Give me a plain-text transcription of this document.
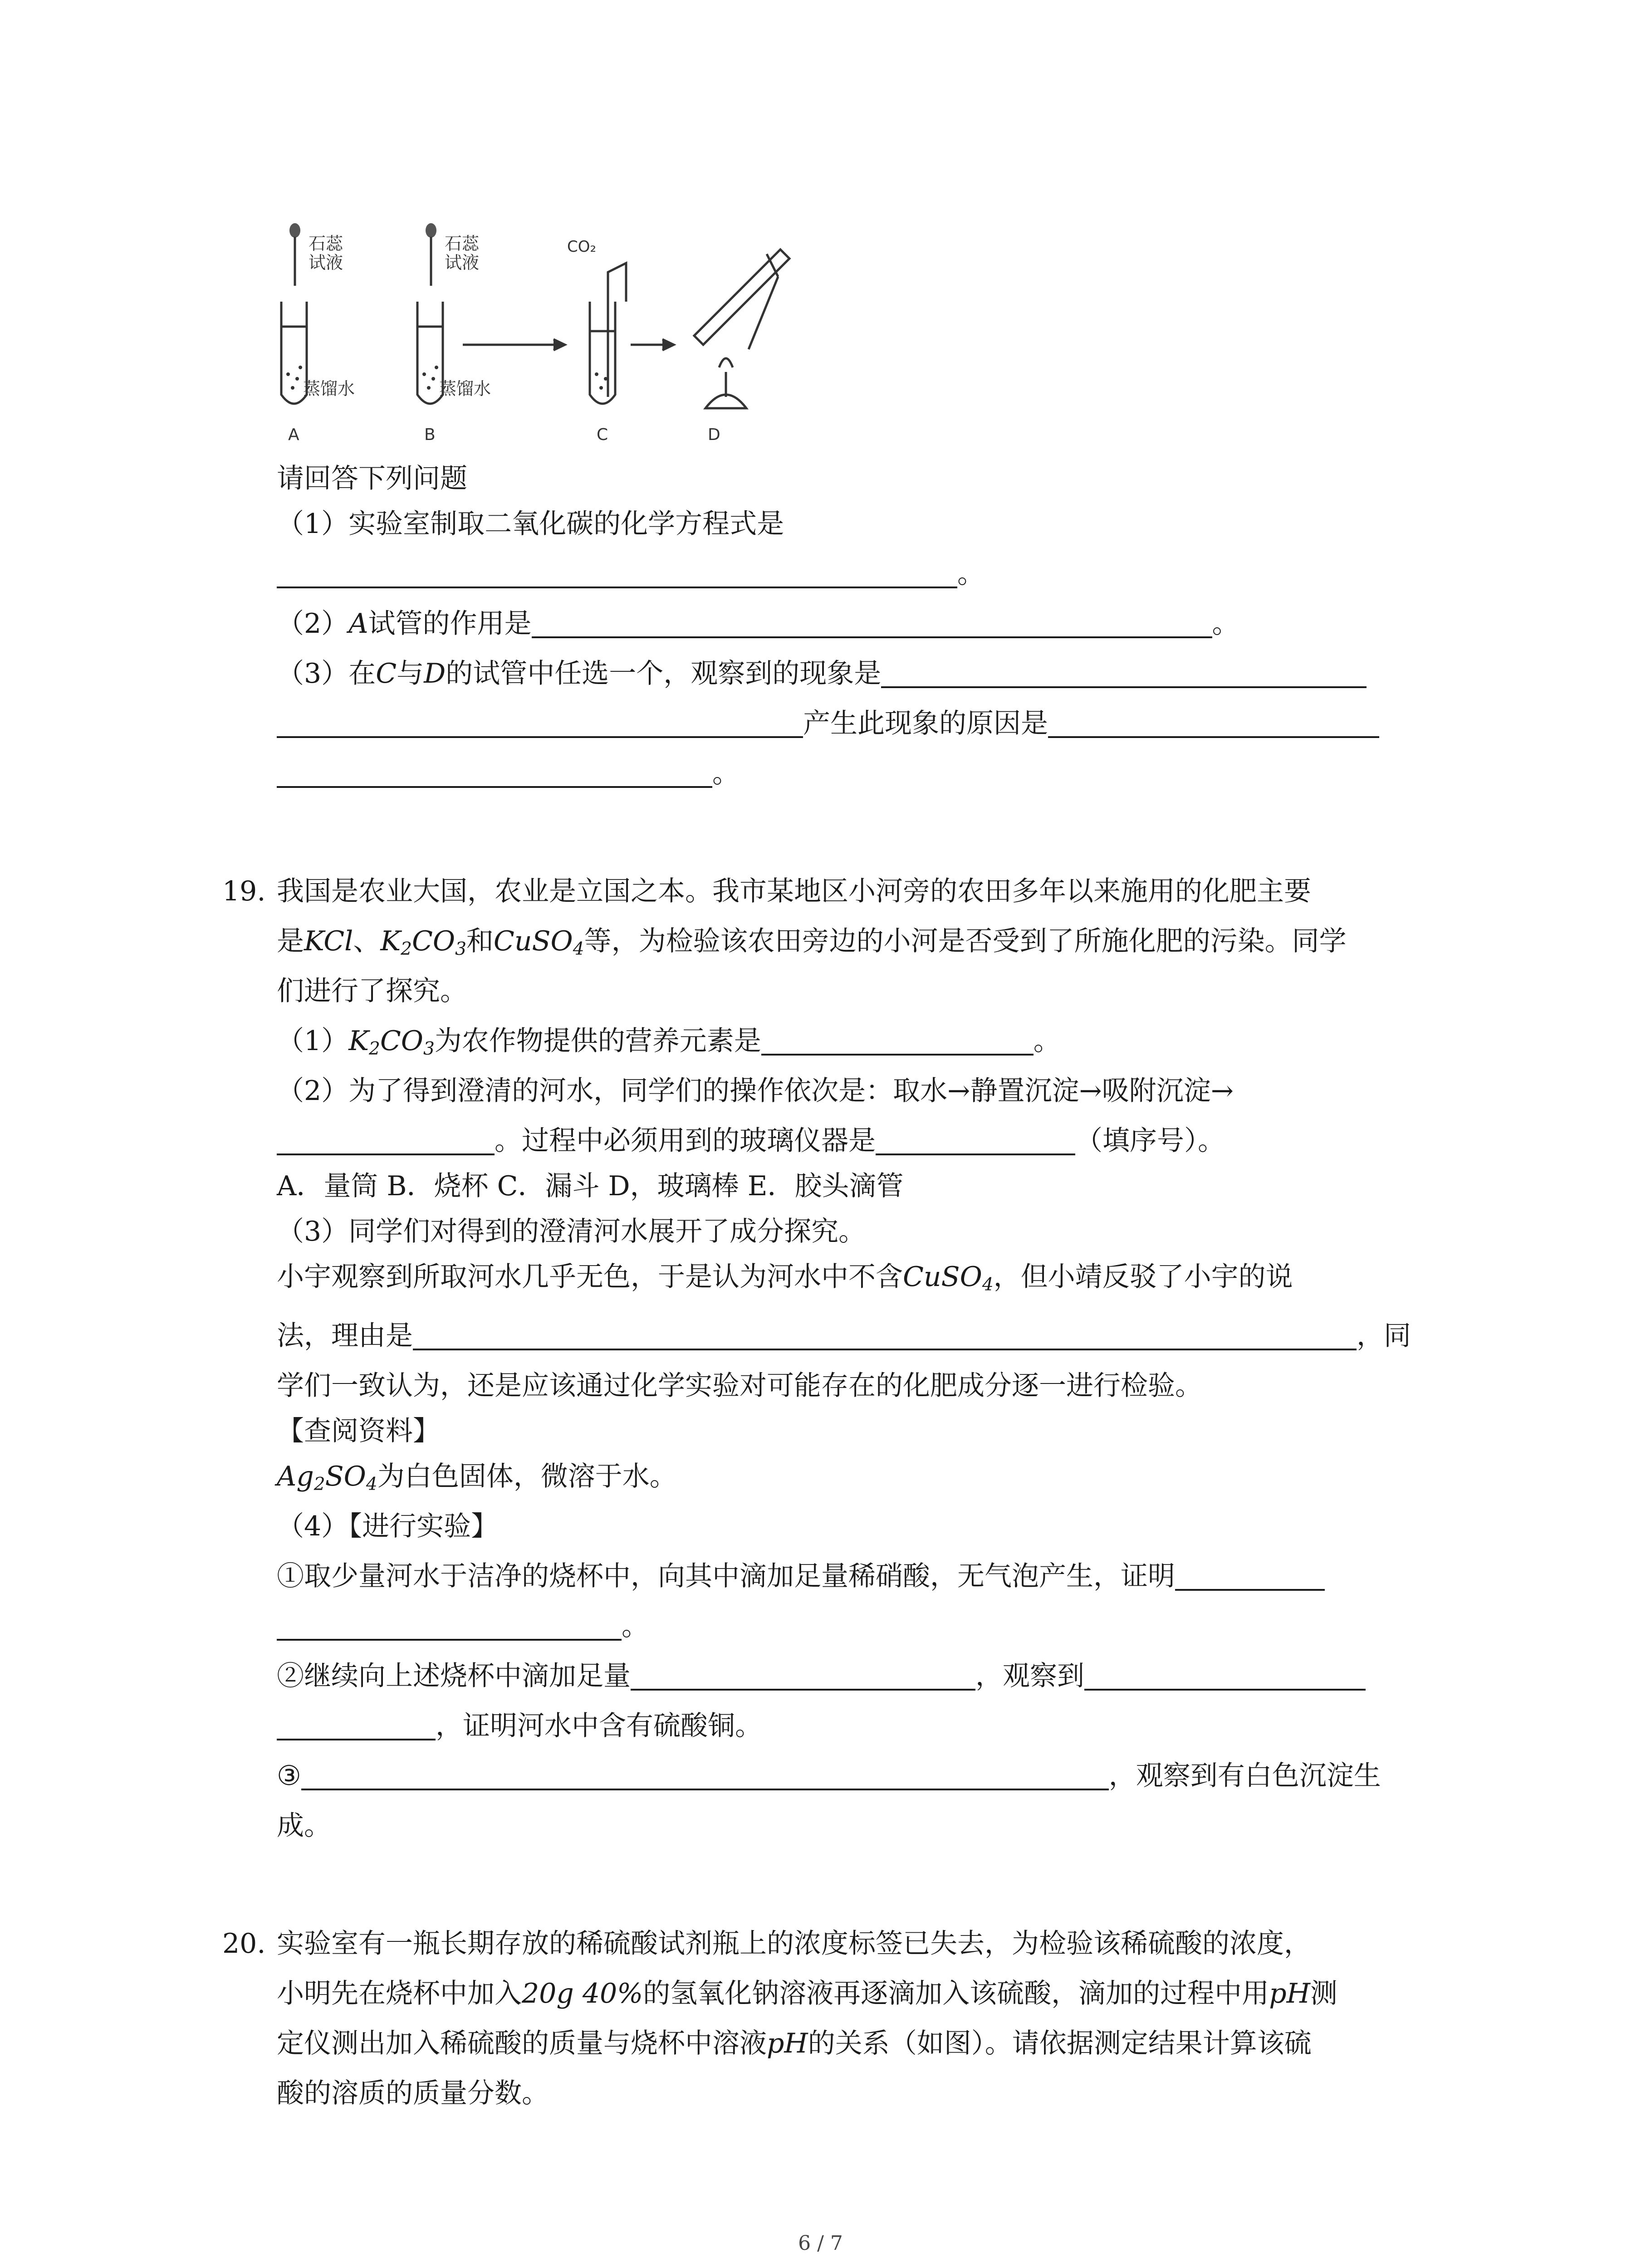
石蕊
试液
石蕊
试液
蒸馏水	蒸馏水
CO₂
A	B	C	D
请回答下列问题
（1）实验室制取二氧化碳的化学方程式是
。
（2）A试管的作用是	。
（3）在C与D的试管中任选一个，观察到的现象是
产生此现象的原因是
。
19. 我国是农业大国，农业是立国之本。我市某地区小河旁的农田多年以来施用的化肥主要
是KCl、$K_2CO_3$和CuSO$_4$等，为检验该农田旁边的小河是否受到了所施化肥的污染。同学
们进行了探究。
$(1)K_2CO_3$为农作物提供的营养元素是	。
（2）为了得到澄清的河水，同学们的操作依次是：取水→静置沉淀→吸附沉淀→
。过程中必须用到的玻璃仪器是	（填序号）。
A．量筒 B．烧杯 C．漏斗 D，玻璃棒 E．胶头滴管
（3）同学们对得到的澄清河水展开了成分探究。
小宇观察到所取河水几乎无色，于是认为河水中不含CuSO$_4$，但小靖反驳了小宇的说
法，理由是	，同
学们一致认为，还是应该通过化学实验对可能存在的化肥成分逐一进行检验。
【查阅资料】
$Ag_2SO_4$为白色固体，微溶于水。
（4）【进行实验】
①取少量河水于洁净的烧杯中，向其中滴加足量稀硝酸，无气泡产生，证明
。
②继续向上述烧杯中滴加足量	，观察到
，证明河水中含有硫酸铜。
③	，观察到有白色沉淀生
成。
20. 实验室有一瓶长期存放的稀硫酸试剂瓶上的浓度标签已失去，为检验该稀硫酸的浓度，
小明先在烧杯中加入20g 40%的氢氧化钠溶液再逐滴加入该硫酸，滴加的过程中用pH测
定仪测出加入稀硫酸的质量与烧杯中溶液pH的关系（如图）。请依据测定结果计算该硫
酸的溶质的质量分数。
6 / 7
